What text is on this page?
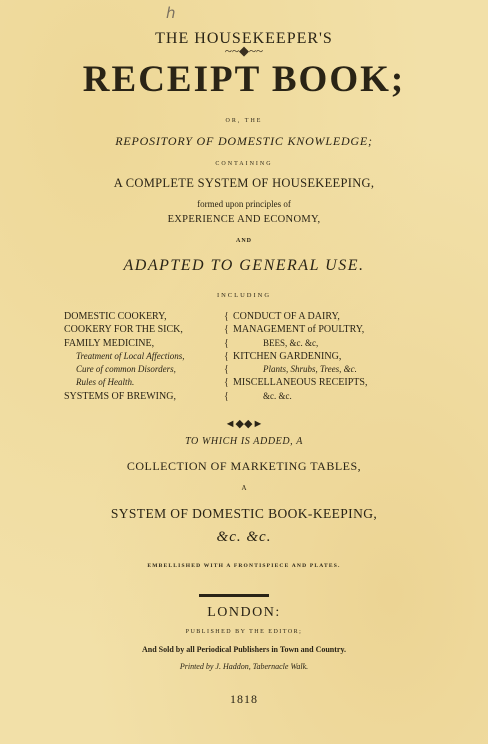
h
THE HOUSEKEEPER'S
~~◆~~
RECEIPT BOOK;
OR, THE
REPOSITORY OF DOMESTIC KNOWLEDGE;
CONTAINING
A COMPLETE SYSTEM OF HOUSEKEEPING,
formed upon principles of
EXPERIENCE AND ECONOMY,
AND
ADAPTED TO GENERAL USE.
INCLUDING
DOMESTIC COOKERY,
COOKERY FOR THE SICK,
FAMILY MEDICINE,
Treatment of Local Affections,
Cure of common Disorders,
Rules of Health.
SYSTEMS OF BREWING,
{
{
{
{
{
{
{
CONDUCT OF A DAIRY,
MANAGEMENT of POULTRY,
BEES, &c. &c,
KITCHEN GARDENING,
Plants, Shrubs, Trees, &c.
MISCELLANEOUS RECEIPTS,
&c. &c.
◄◆◆►
TO WHICH IS ADDED, A
COLLECTION OF MARKETING TABLES,
A
SYSTEM OF DOMESTIC BOOK-KEEPING,
&c. &c.
EMBELLISHED WITH A FRONTISPIECE AND PLATES.
LONDON:
PUBLISHED BY THE EDITOR;
And Sold by all Periodical Publishers in Town and Country.
Printed by J. Haddon, Tabernacle Walk.
1818
